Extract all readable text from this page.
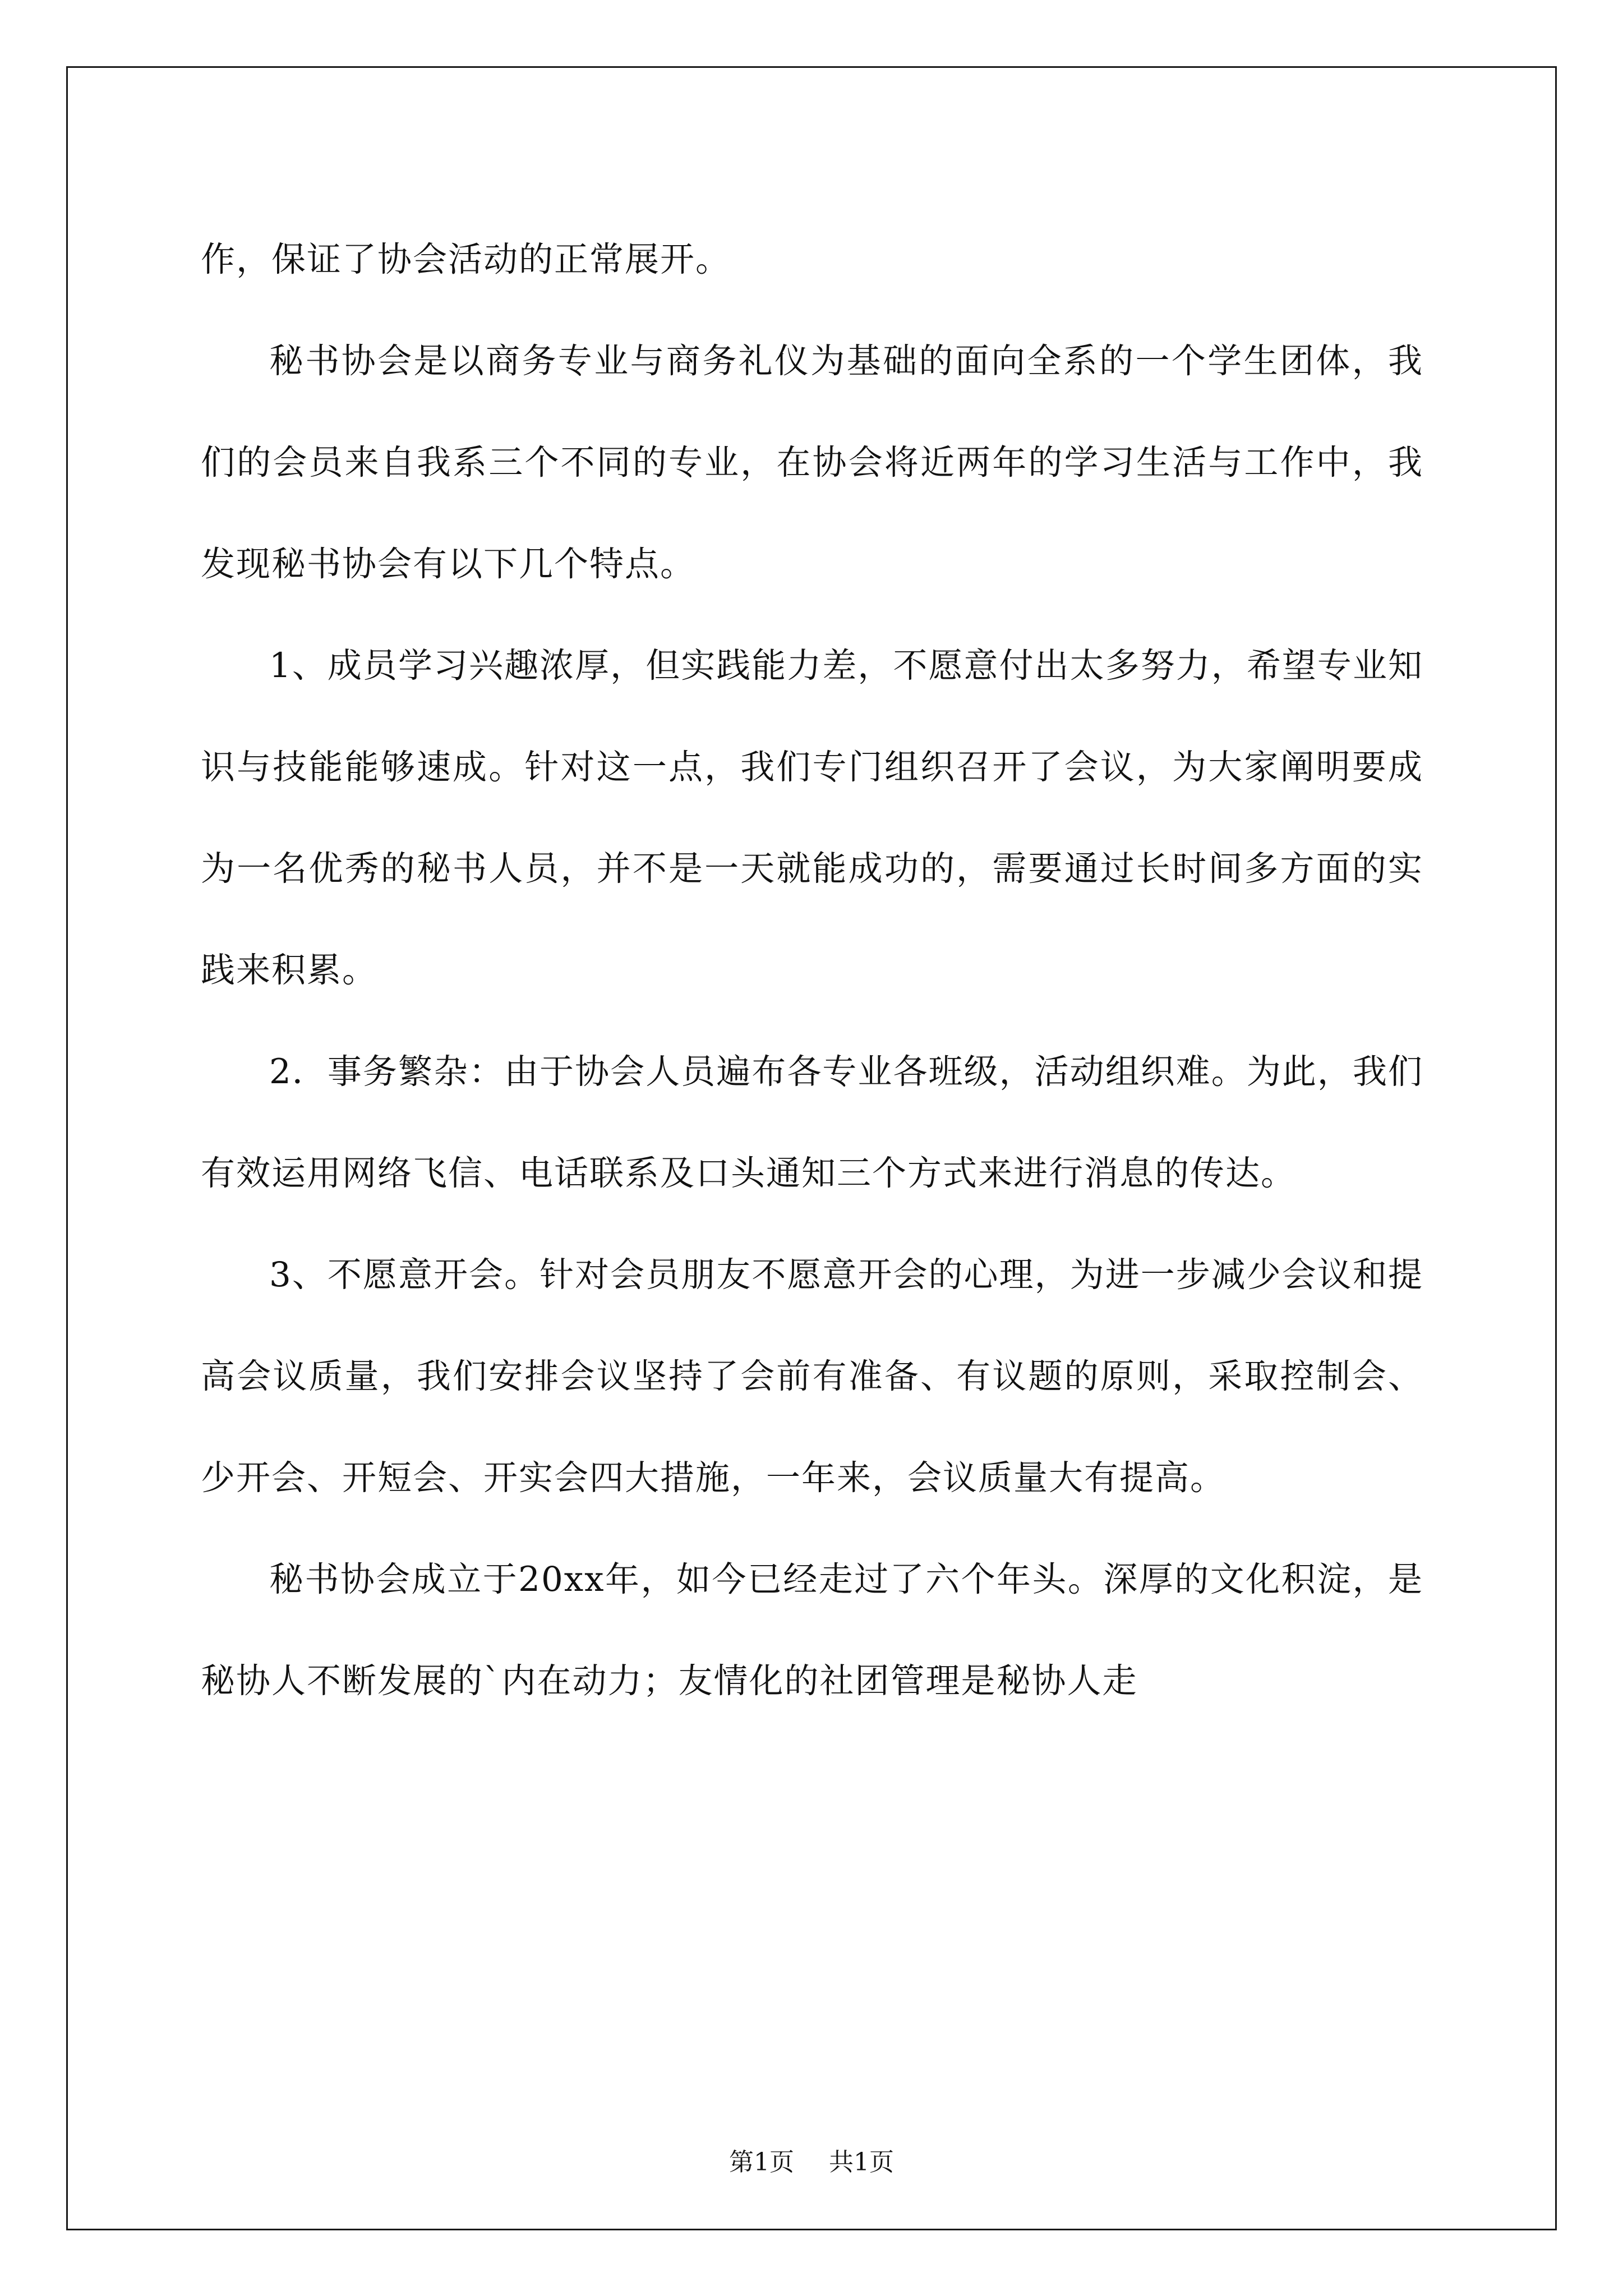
作，保证了协会活动的正常展开。

秘书协会是以商务专业与商务礼仪为基础的面向全系的一个学生团体，我们的会员来自我系三个不同的专业，在协会将近两年的学习生活与工作中，我发现秘书协会有以下几个特点。

1、成员学习兴趣浓厚，但实践能力差，不愿意付出太多努力，希望专业知识与技能能够速成。针对这一点，我们专门组织召开了会议，为大家阐明要成为一名优秀的秘书人员，并不是一天就能成功的，需要通过长时间多方面的实践来积累。

2．事务繁杂：由于协会人员遍布各专业各班级，活动组织难。为此，我们有效运用网络飞信、电话联系及口头通知三个方式来进行消息的传达。

3、不愿意开会。针对会员朋友不愿意开会的心理，为进一步减少会议和提高会议质量，我们安排会议坚持了会前有准备、有议题的原则，采取控制会、少开会、开短会、开实会四大措施，一年来，会议质量大有提高。

秘书协会成立于20xx年，如今已经走过了六个年头。深厚的文化积淀，是秘协人不断发展的`内在动力；友情化的社团管理是秘协人走

第1页 共1页
